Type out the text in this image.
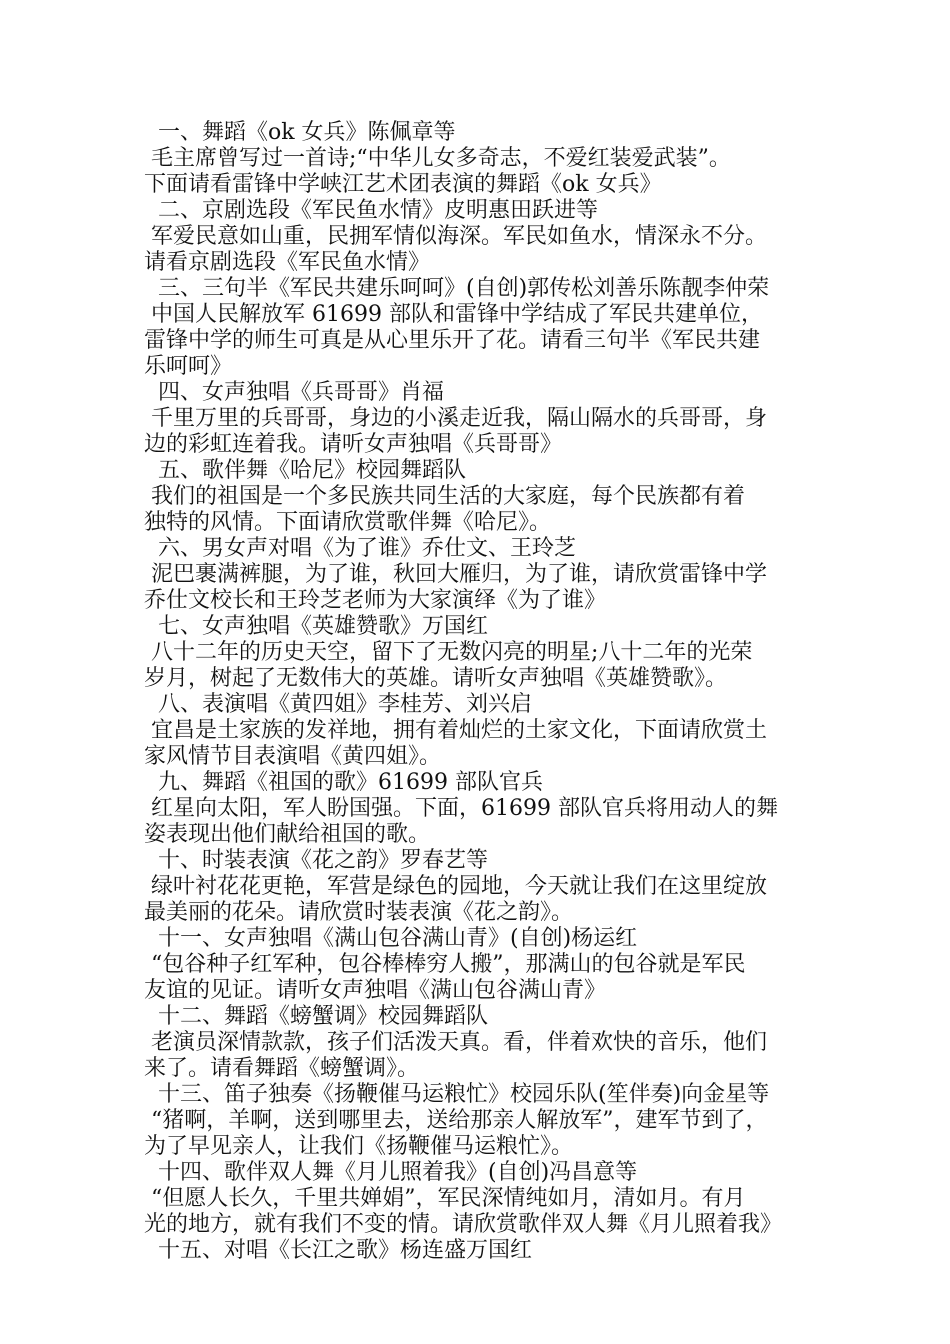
一、舞蹈《ok 女兵》陈佩章等
毛主席曾写过一首诗;“中华儿女多奇志，不爱红装爱武装”。
下面请看雷锋中学峡江艺术团表演的舞蹈《ok 女兵》
二、京剧选段《军民鱼水情》皮明惠田跃进等
军爱民意如山重，民拥军情似海深。军民如鱼水，情深永不分。
请看京剧选段《军民鱼水情》
三、三句半《军民共建乐呵呵》(自创)郭传松刘善乐陈靓李仲荣
中国人民解放军 61699 部队和雷锋中学结成了军民共建单位，
雷锋中学的师生可真是从心里乐开了花。请看三句半《军民共建
乐呵呵》
四、女声独唱《兵哥哥》肖福
千里万里的兵哥哥，身边的小溪走近我，隔山隔水的兵哥哥，身
边的彩虹连着我。请听女声独唱《兵哥哥》
五、歌伴舞《哈尼》校园舞蹈队
我们的祖国是一个多民族共同生活的大家庭，每个民族都有着
独特的风情。下面请欣赏歌伴舞《哈尼》。
六、男女声对唱《为了谁》乔仕文、王玲芝
泥巴裹满裤腿，为了谁，秋回大雁归，为了谁，请欣赏雷锋中学
乔仕文校长和王玲芝老师为大家演绎《为了谁》
七、女声独唱《英雄赞歌》万国红
八十二年的历史天空，留下了无数闪亮的明星;八十二年的光荣
岁月，树起了无数伟大的英雄。请听女声独唱《英雄赞歌》。
八、表演唱《黄四姐》李桂芳、刘兴启
宜昌是土家族的发祥地，拥有着灿烂的土家文化，下面请欣赏土
家风情节目表演唱《黄四姐》。
九、舞蹈《祖国的歌》61699 部队官兵
红星向太阳，军人盼国强。下面，61699 部队官兵将用动人的舞
姿表现出他们献给祖国的歌。
十、时装表演《花之韵》罗春艺等
绿叶衬花花更艳，军营是绿色的园地，今天就让我们在这里绽放
最美丽的花朵。请欣赏时装表演《花之韵》。
十一、女声独唱《满山包谷满山青》(自创)杨运红
“包谷种子红军种，包谷棒棒穷人搬”，那满山的包谷就是军民
友谊的见证。请听女声独唱《满山包谷满山青》
十二、舞蹈《螃蟹调》校园舞蹈队
老演员深情款款，孩子们活泼天真。看，伴着欢快的音乐，他们
来了。请看舞蹈《螃蟹调》。
十三、笛子独奏《扬鞭催马运粮忙》校园乐队(笙伴奏)向金星等
“猪啊，羊啊，送到哪里去，送给那亲人解放军”，建军节到了，
为了早见亲人，让我们《扬鞭催马运粮忙》。
十四、歌伴双人舞《月儿照着我》(自创)冯昌意等
“但愿人长久，千里共婵娟”，军民深情纯如月，清如月。有月
光的地方，就有我们不变的情。请欣赏歌伴双人舞《月儿照着我》
十五、对唱《长江之歌》杨连盛万国红
